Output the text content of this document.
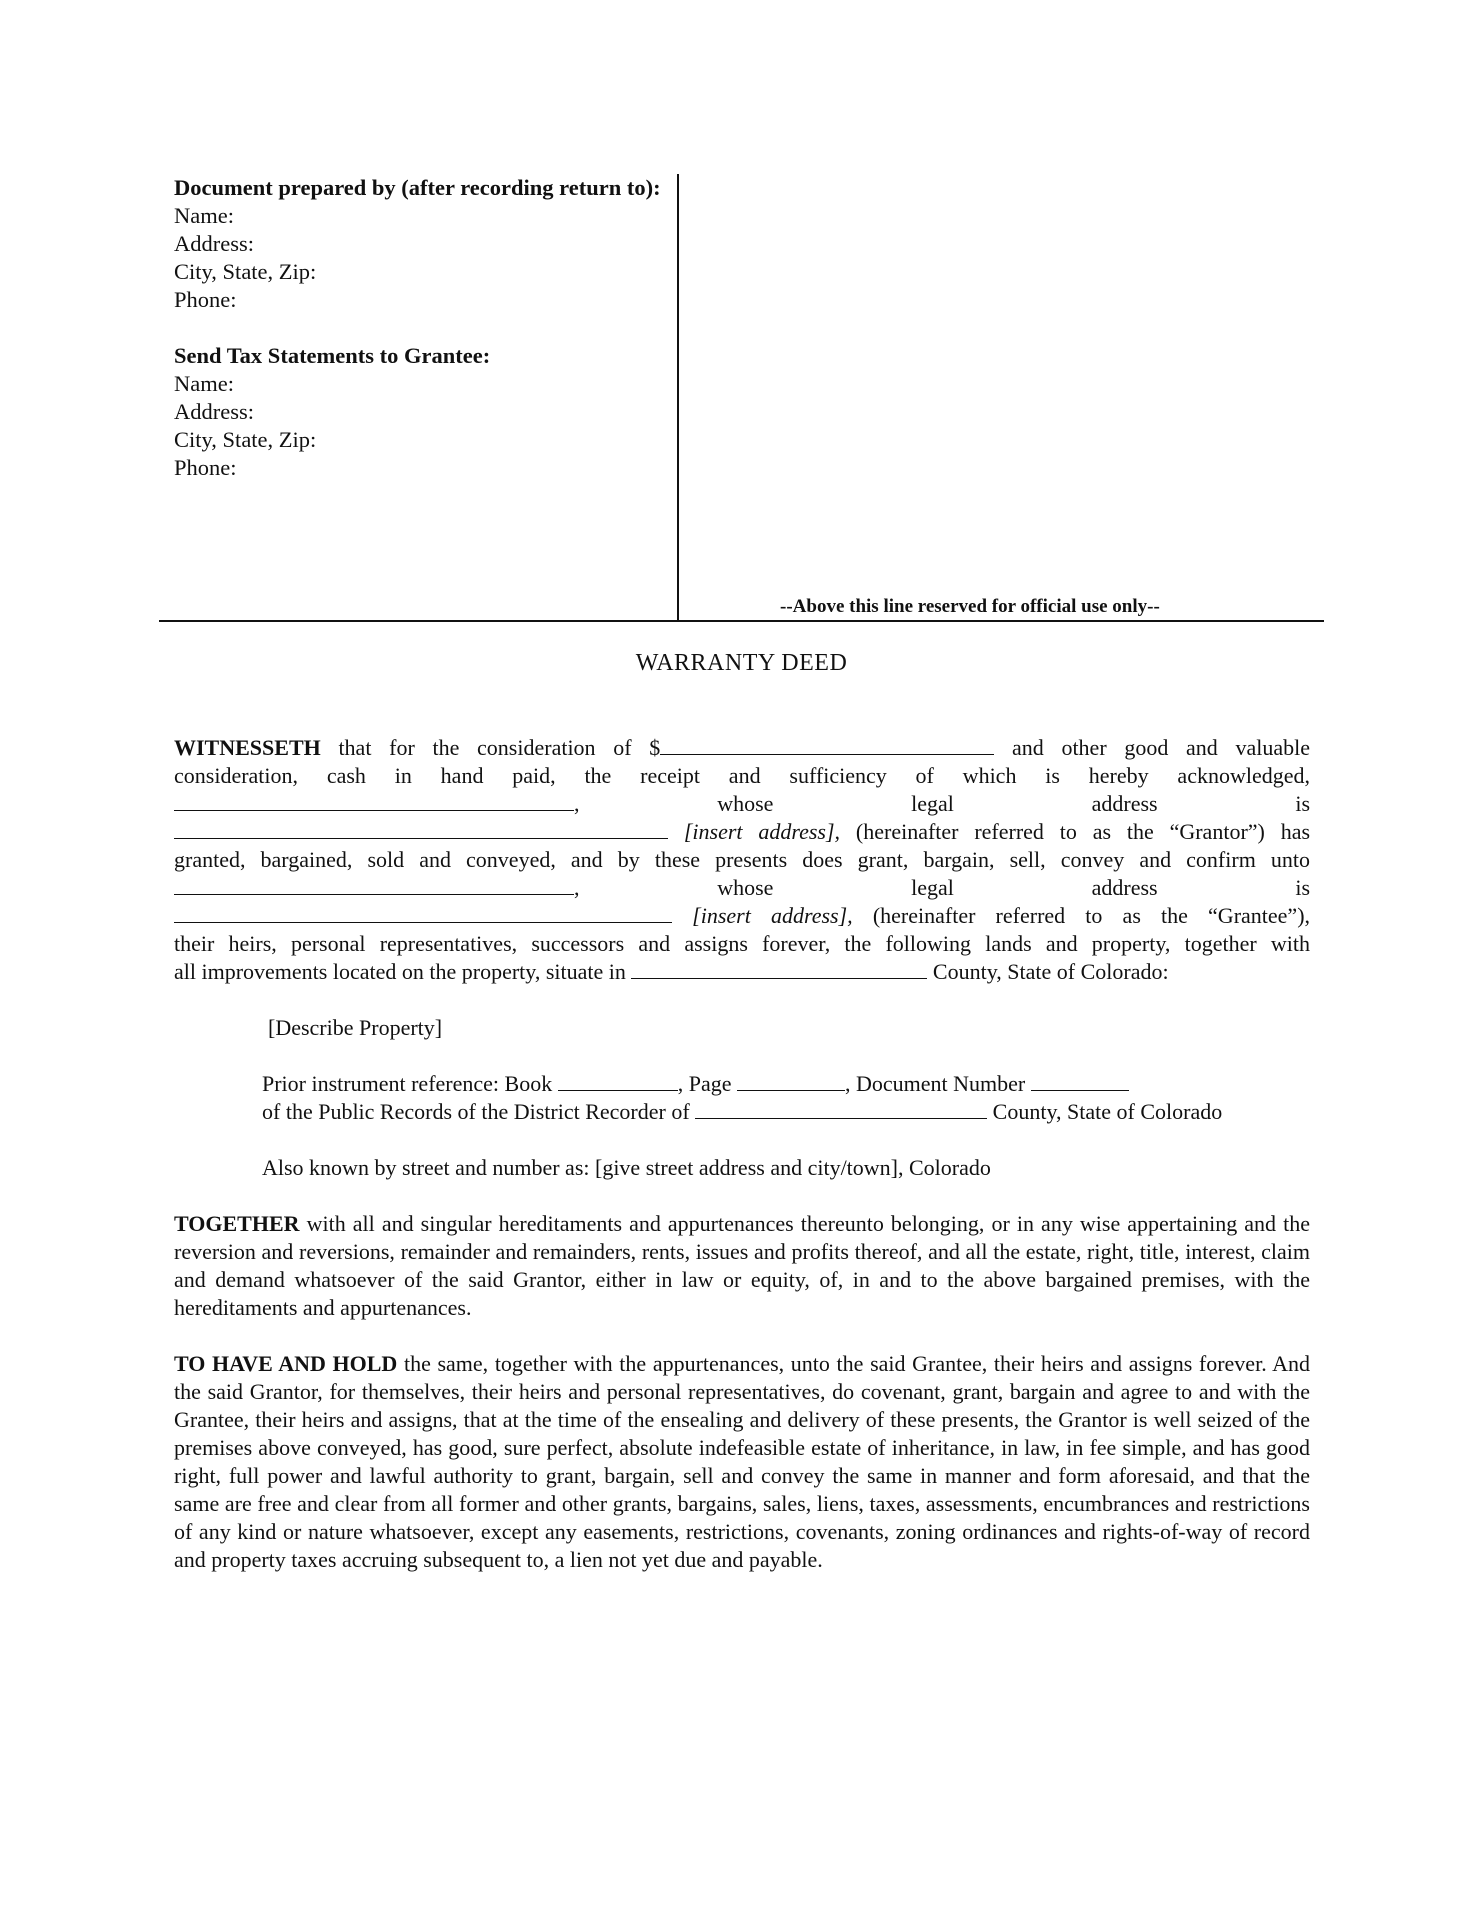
Document prepared by (after recording return to):
Name:
Address:
City, State, Zip:
Phone:
Send Tax Statements to Grantee:
Name:
Address:
City, State, Zip:
Phone:
--Above this line reserved for official use only--
WARRANTY DEED
WITNESSETH that for the consideration of $	and other good and valuable
consideration, cash in hand paid, the receipt and sufficiency of which is hereby acknowledged,
,	whose	legal	address	is
[insert address], (hereinafter referred to as the “Grantor”) has
granted, bargained, sold and conveyed, and by these presents does grant, bargain, sell, convey and confirm unto
,	whose	legal	address	is
[insert address], (hereinafter referred to as the “Grantee”),
their heirs, personal representatives, successors and assigns forever, the following lands and property, together with
all improvements located on the property, situate in	County, State of Colorado:
[Describe Property]
Prior instrument reference: Book	, Page	, Document Number
of the Public Records of the District Recorder of	County, State of Colorado
Also known by street and number as: [give street address and city/town], Colorado

TOGETHER with all and singular hereditaments and appurtenances thereunto belonging, or in any wise appertaining and the reversion and reversions, remainder and remainders, rents, issues and profits thereof, and all the estate, right, title, interest, claim and demand whatsoever of the said Grantor, either in law or equity, of, in and to the above bargained premises, with the hereditaments and appurtenances.

TO HAVE AND HOLD the same, together with the appurtenances, unto the said Grantee, their heirs and assigns forever. And the said Grantor, for themselves, their heirs and personal representatives, do covenant, grant, bargain and agree to and with the Grantee, their heirs and assigns, that at the time of the ensealing and delivery of these presents, the Grantor is well seized of the premises above conveyed, has good, sure perfect, absolute indefeasible estate of inheritance, in law, in fee simple, and has good right, full power and lawful authority to grant, bargain, sell and convey the same in manner and form aforesaid, and that the same are free and clear from all former and other grants, bargains, sales, liens, taxes, assessments, encumbrances and restrictions of any kind or nature whatsoever, except any easements, restrictions, covenants, zoning ordinances and rights-of-way of record and property taxes accruing subsequent to, a lien not yet due and payable.
